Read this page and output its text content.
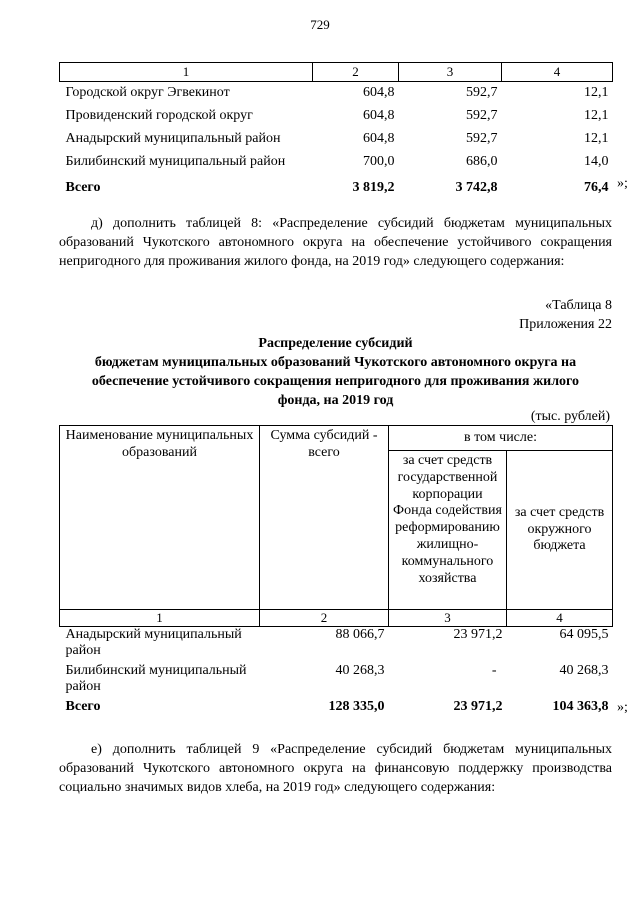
729
1	2	3	4
Городской округ Эгвекинот	604,8	592,7	12,1
Провиденский городской округ	604,8	592,7	12,1
Анадырский муниципальный район	604,8	592,7	12,1
Билибинский муниципальный район	700,0	686,0	14,0
Всего	3 819,2	3 742,8	76,4 »;
д) дополнить таблицей 8: «Распределение субсидий бюджетам муниципальных образований Чукотского автономного округа на обеспечение устойчивого сокращения непригодного для проживания жилого фонда, на 2019 год» следующего содержания:
«Таблица 8
Приложения 22
Распределение субсидий
бюджетам муниципальных образований Чукотского автономного округа на
обеспечение устойчивого сокращения непригодного для проживания жилого
фонда, на 2019 год
(тыс. рублей)
Наименование муниципальных образований	Сумма субсидий - всего	в том числе:	
		за счет средств государственной корпорации Фонда содействия реформированию жилищно-коммунального хозяйства	за счет средств окружного бюджета
1	2	3	4
Анадырский муниципальный район	88 066,7	23 971,2	64 095,5
Билибинский муниципальный район	40 268,3	-	40 268,3
Всего	128 335,0	23 971,2	104 363,8 »;
е) дополнить таблицей 9 «Распределение субсидий бюджетам муниципальных образований Чукотского автономного округа на финансовую поддержку производства социально значимых видов хлеба, на 2019 год» следующего содержания:
